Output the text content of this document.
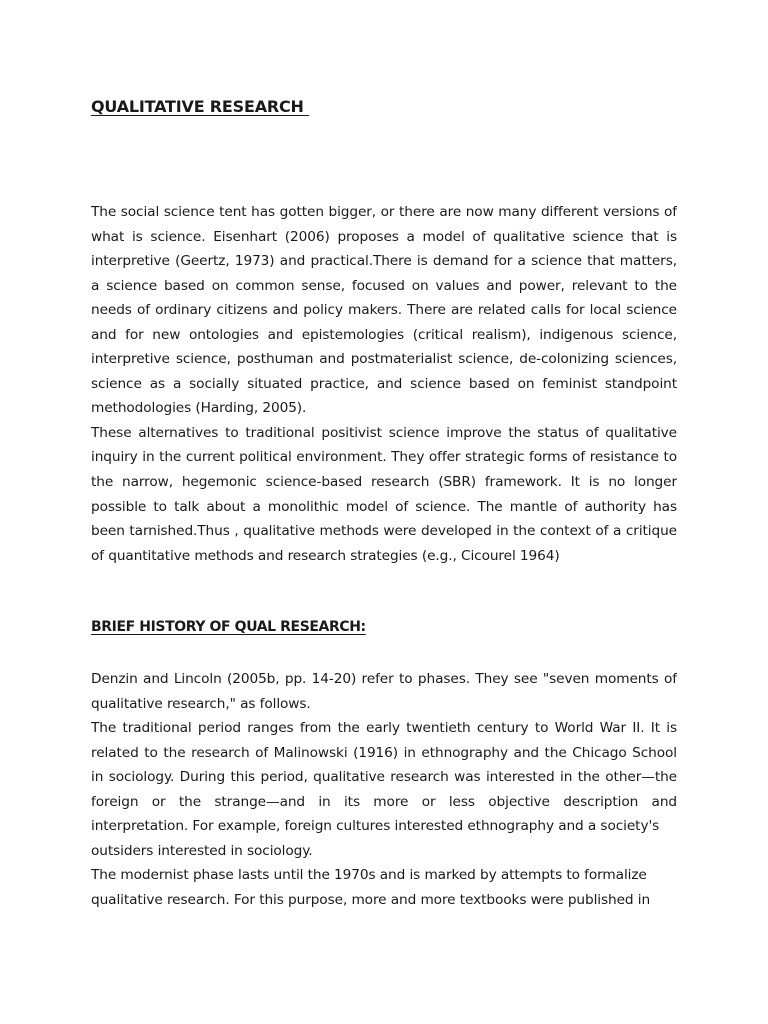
QUALITATIVE RESEARCH
The social science tent has gotten bigger, or there are now many different versions of
what is science. Eisenhart (2006) proposes a model of qualitative science that is
interpretive (Geertz, 1973) and practical.There is demand for a science that matters,
a science based on common sense, focused on values and power, relevant to the
needs of ordinary citizens and policy makers. There are related calls for local science
and for new ontologies and epistemologies (critical realism), indigenous science,
interpretive science, posthuman and postmaterialist science, de-colonizing sciences,
science as a socially situated practice, and science based on feminist standpoint
methodologies (Harding, 2005).
These alternatives to traditional positivist science improve the status of qualitative
inquiry in the current political environment. They offer strategic forms of resistance to
the narrow, hegemonic science-based research (SBR) framework. It is no longer
possible to talk about a monolithic model of science. The mantle of authority has
been tarnished.Thus , qualitative methods were developed in the context of a critique
of quantitative methods and research strategies (e.g., Cicourel 1964)
BRIEF HISTORY OF QUAL RESEARCH:
Denzin and Lincoln (2005b, pp. 14-20) refer to phases. They see "seven moments of
qualitative research," as follows.
The traditional period ranges from the early twentieth century to World War II. It is
related to the research of Malinowski (1916) in ethnography and the Chicago School
in sociology. During this period, qualitative research was interested in the other—the
foreign or the strange—and in its more or less objective description and
interpretation. For example, foreign cultures interested ethnography and a society's
outsiders interested in sociology.
The modernist phase lasts until the 1970s and is marked by attempts to formalize
qualitative research. For this purpose, more and more textbooks were published in
